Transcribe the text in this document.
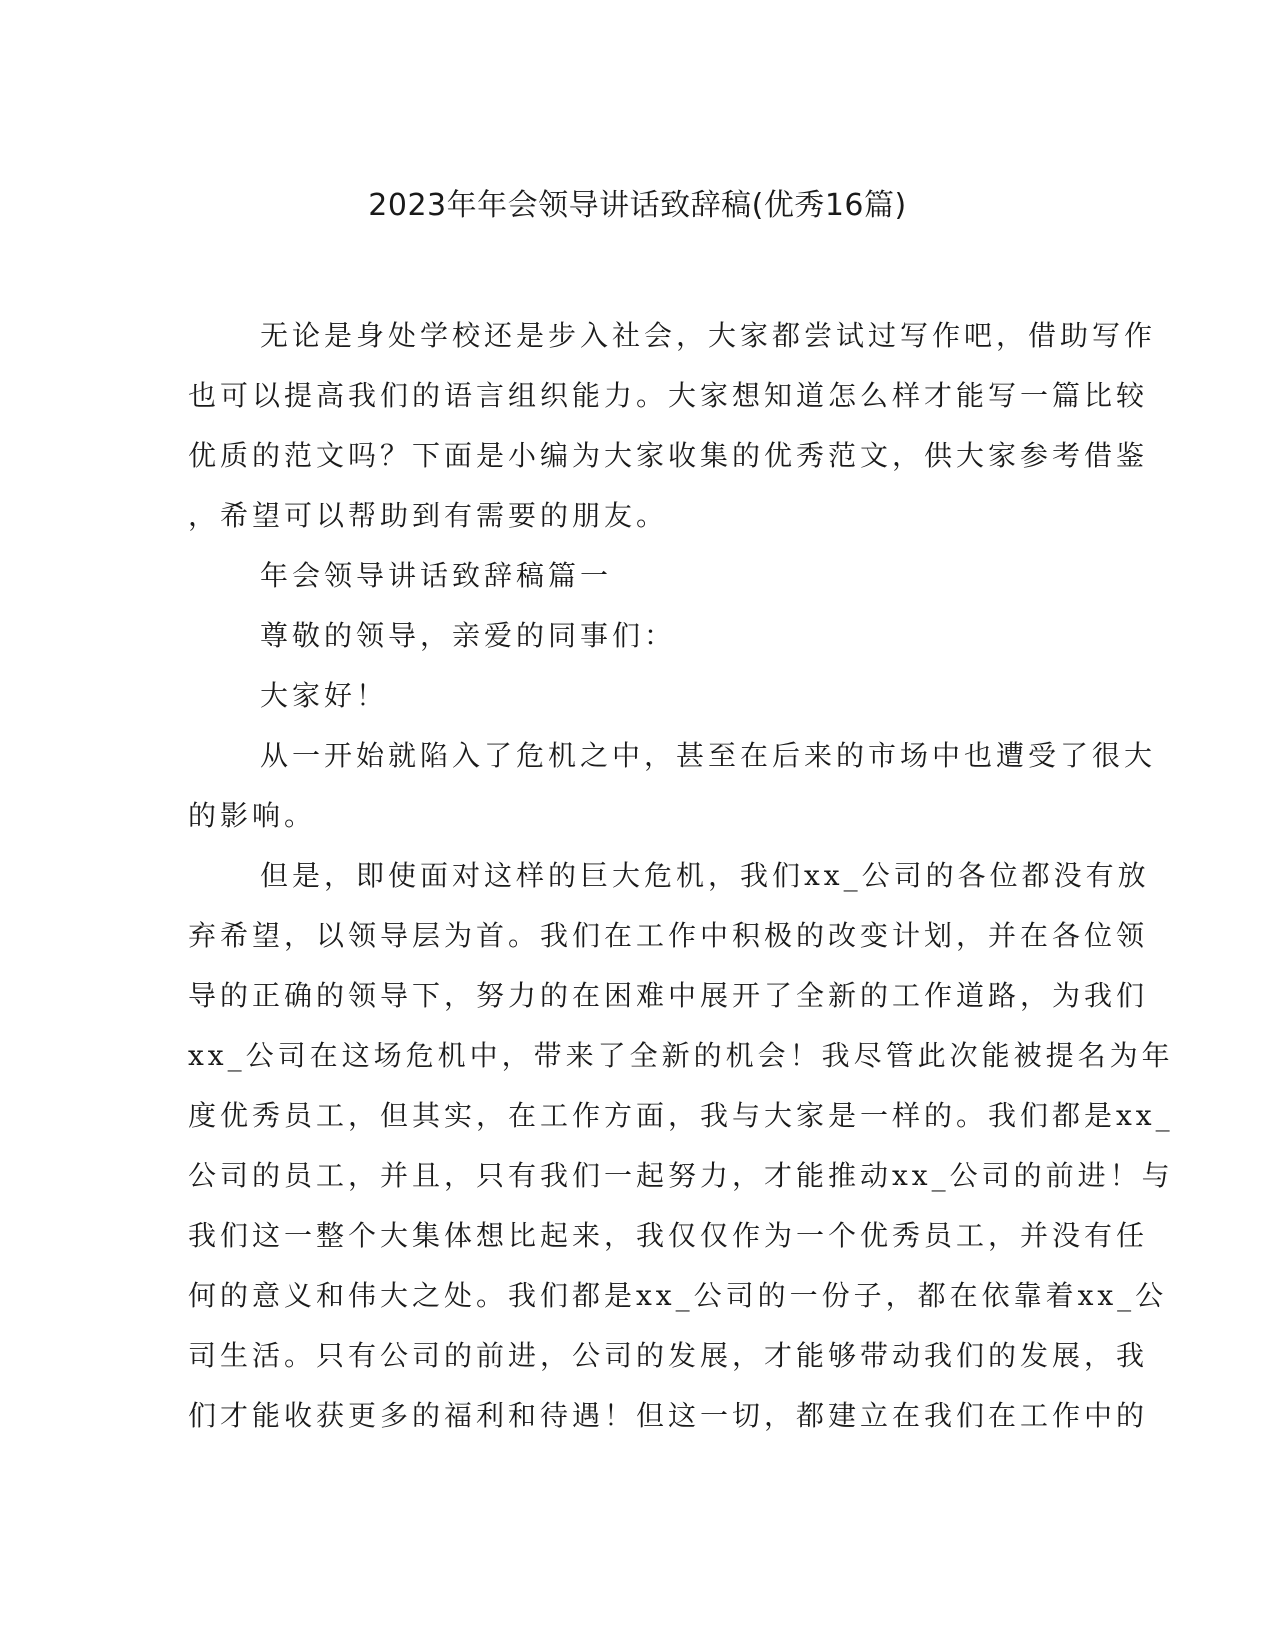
2023年年会领导讲话致辞稿(优秀16篇)
无论是身处学校还是步入社会，大家都尝试过写作吧，借助写作
也可以提高我们的语言组织能力。大家想知道怎么样才能写一篇比较
优质的范文吗？下面是小编为大家收集的优秀范文，供大家参考借鉴
，希望可以帮助到有需要的朋友。
年会领导讲话致辞稿篇一
尊敬的领导，亲爱的同事们：
大家好！
从一开始就陷入了危机之中，甚至在后来的市场中也遭受了很大
的影响。
但是，即使面对这样的巨大危机，我们xx_公司的各位都没有放
弃希望，以领导层为首。我们在工作中积极的改变计划，并在各位领
导的正确的领导下，努力的在困难中展开了全新的工作道路，为我们
xx_公司在这场危机中，带来了全新的机会！我尽管此次能被提名为年
度优秀员工，但其实，在工作方面，我与大家是一样的。我们都是xx_
公司的员工，并且，只有我们一起努力，才能推动xx_公司的前进！与
我们这一整个大集体想比起来，我仅仅作为一个优秀员工，并没有任
何的意义和伟大之处。我们都是xx_公司的一份子，都在依靠着xx_公
司生活。只有公司的前进，公司的发展，才能够带动我们的发展，我
们才能收获更多的福利和待遇！但这一切，都建立在我们在工作中的
